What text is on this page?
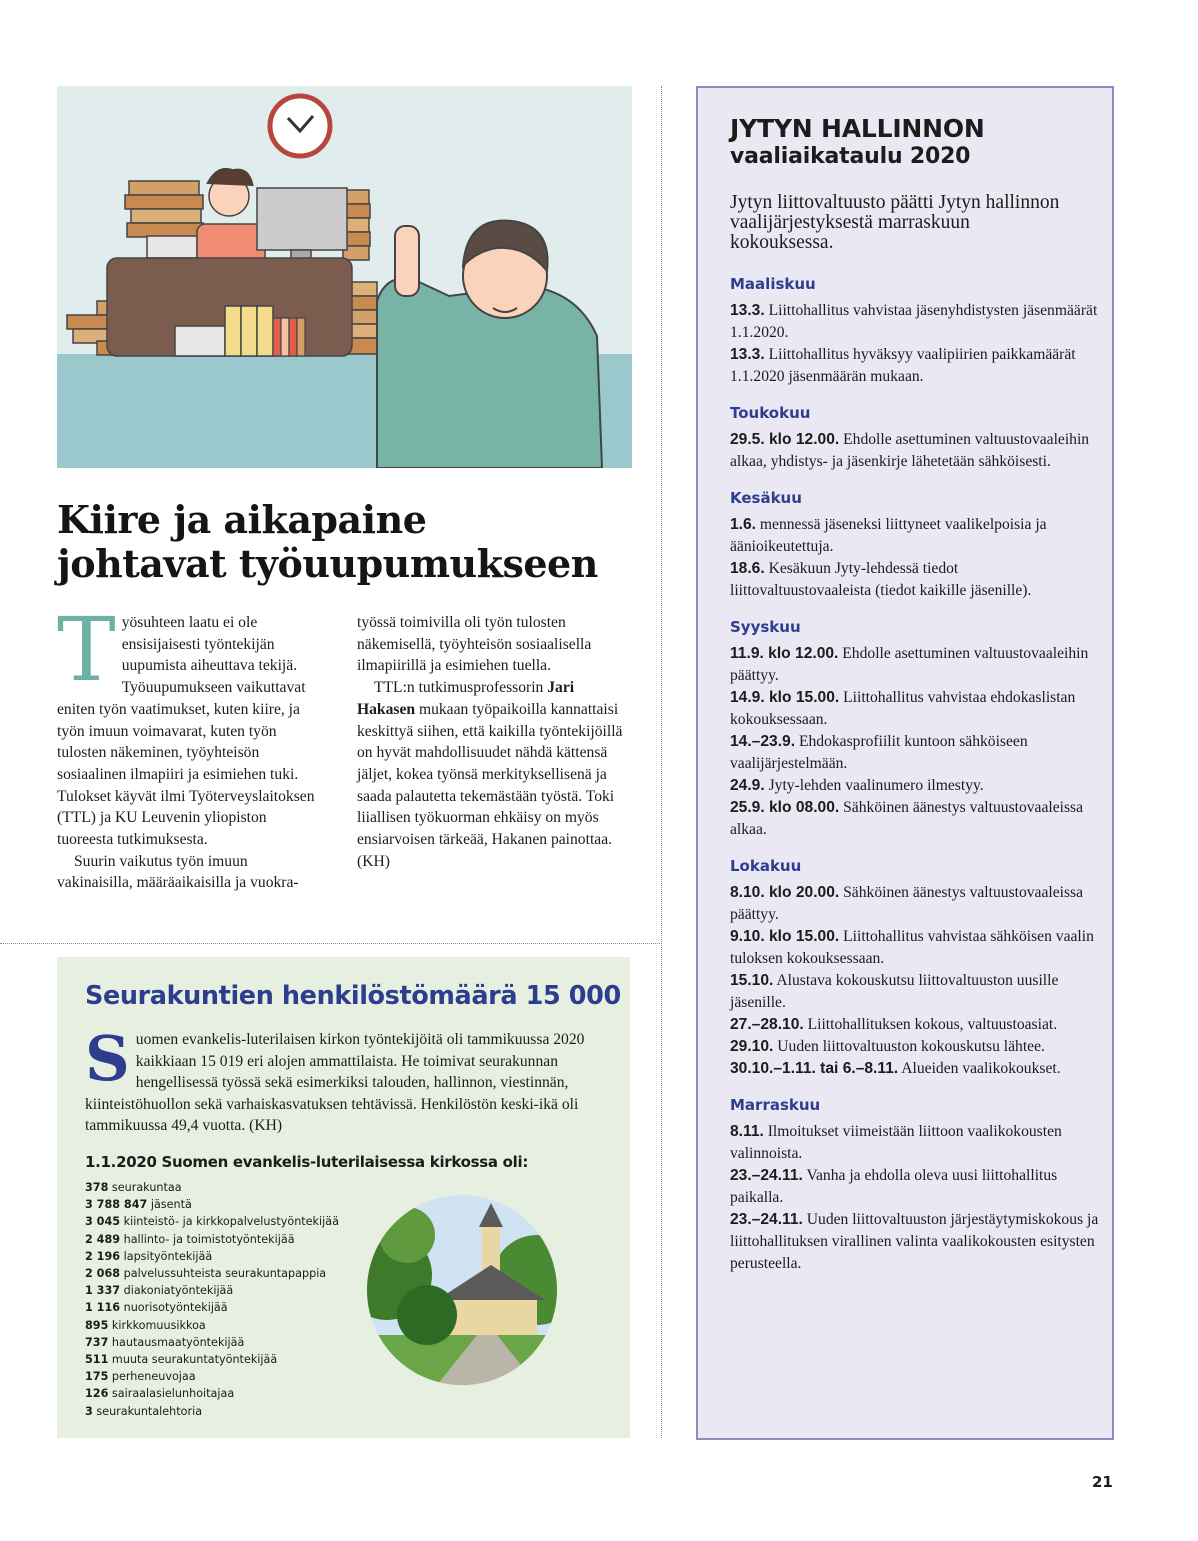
Kiire ja aikapaine
johtavat työuupumukseen

Työsuhteen laatu ei ole ensisijaisesti työntekijän uupumista aiheuttava tekijä. Työuupumukseen vaikuttavat eniten työn vaatimukset, kuten kiire, ja työn imuun voimavarat, kuten työn tulosten näkeminen, työyhteisön sosiaalinen ilmapiiri ja esimiehen tuki. Tulokset käyvät ilmi Työterveyslaitoksen (TTL) ja KU Leuvenin yliopiston tuoreesta tutkimuksesta.

Suurin vaikutus työn imuun vakinaisilla, määräaikaisilla ja vuokra-

työssä toimivilla oli työn tulosten näkemisellä, työyhteisön sosiaalisella ilmapiirillä ja esimiehen tuella.

TTL:n tutkimusprofessorin Jari Hakasen mukaan työpaikoilla kannattaisi keskittyä siihen, että kaikilla työntekijöillä on hyvät mahdollisuudet nähdä kättensä jäljet, kokea työnsä merkityksellisenä ja saada palautetta tekemästään työstä. Toki liiallisen työkuorman ehkäisy on myös ensiarvoisen tärkeää, Hakanen painottaa. (KH)

Seurakuntien henkilöstömäärä 15 000

Suomen evankelis-luterilaisen kirkon työntekijöitä oli tammikuussa 2020 kaikkiaan 15 019 eri alojen ammattilaista. He toimivat seurakunnan hengellisessä työssä sekä esimerkiksi talouden, hallinnon, viestinnän, kiinteistöhuollon sekä varhaiskasvatuksen tehtävissä. Henkilöstön keski-ikä oli tammikuussa 49,4 vuotta. (KH)

1.1.2020 Suomen evankelis-luterilaisessa kirkossa oli:
378 seurakuntaa
3 788 847 jäsentä
3 045 kiinteistö- ja kirkkopalvelustyöntekijää
2 489 hallinto- ja toimistotyöntekijää
2 196 lapsityöntekijää
2 068 palvelussuhteista seurakuntapappia
1 337 diakoniatyöntekijää
1 116 nuorisotyöntekijää
895 kirkkomuusikkoa
737 hautausmaatyöntekijää
511 muuta seurakuntatyöntekijää
175 perheneuvojaa
126 sairaalasielunhoitajaa
3 seurakuntalehtoria
JYTYN HALLINNON
vaaliaikataulu 2020

Jytyn liittovaltuusto päätti Jytyn hallinnon vaalijärjestyksestä marraskuun kokouksessa.

Maaliskuu

13.3. Liittohallitus vahvistaa jäsenyhdistysten jäsenmäärät 1.1.2020.

13.3. Liittohallitus hyväksyy vaalipiirien paikkamäärät 1.1.2020 jäsenmäärän mukaan.

Toukokuu

29.5. klo 12.00. Ehdolle asettuminen valtuustovaaleihin alkaa, yhdistys- ja jäsenkirje lähetetään sähköisesti.

Kesäkuu

1.6. mennessä jäseneksi liittyneet vaalikelpoisia ja äänioikeutettuja.

18.6. Kesäkuun Jyty-lehdessä tiedot liittovaltuustovaaleista (tiedot kaikille jäsenille).

Syyskuu

11.9. klo 12.00. Ehdolle asettuminen valtuustovaaleihin päättyy.

14.9. klo 15.00. Liittohallitus vahvistaa ehdokaslistan kokouksessaan.

14.–23.9. Ehdokasprofiilit kuntoon sähköiseen vaalijärjestelmään.

24.9. Jyty-lehden vaalinumero ilmestyy.

25.9. klo 08.00. Sähköinen äänestys valtuustovaaleissa alkaa.

Lokakuu

8.10. klo 20.00. Sähköinen äänestys valtuustovaaleissa päättyy.

9.10. klo 15.00. Liittohallitus vahvistaa sähköisen vaalin tuloksen kokouksessaan.

15.10. Alustava kokouskutsu liittovaltuuston uusille jäsenille.

27.–28.10. Liittohallituksen kokous, valtuustoasiat.

29.10. Uuden liittovaltuuston kokouskutsu lähtee.

30.10.–1.11. tai 6.–8.11. Alueiden vaalikokoukset.

Marraskuu

8.11. Ilmoitukset viimeistään liittoon vaalikokousten valinnoista.

23.–24.11. Vanha ja ehdolla oleva uusi liittohallitus paikalla.

23.–24.11. Uuden liittovaltuuston järjestäytymiskokous ja liittohallituksen virallinen valinta vaalikokousten esitysten perusteella.

21
